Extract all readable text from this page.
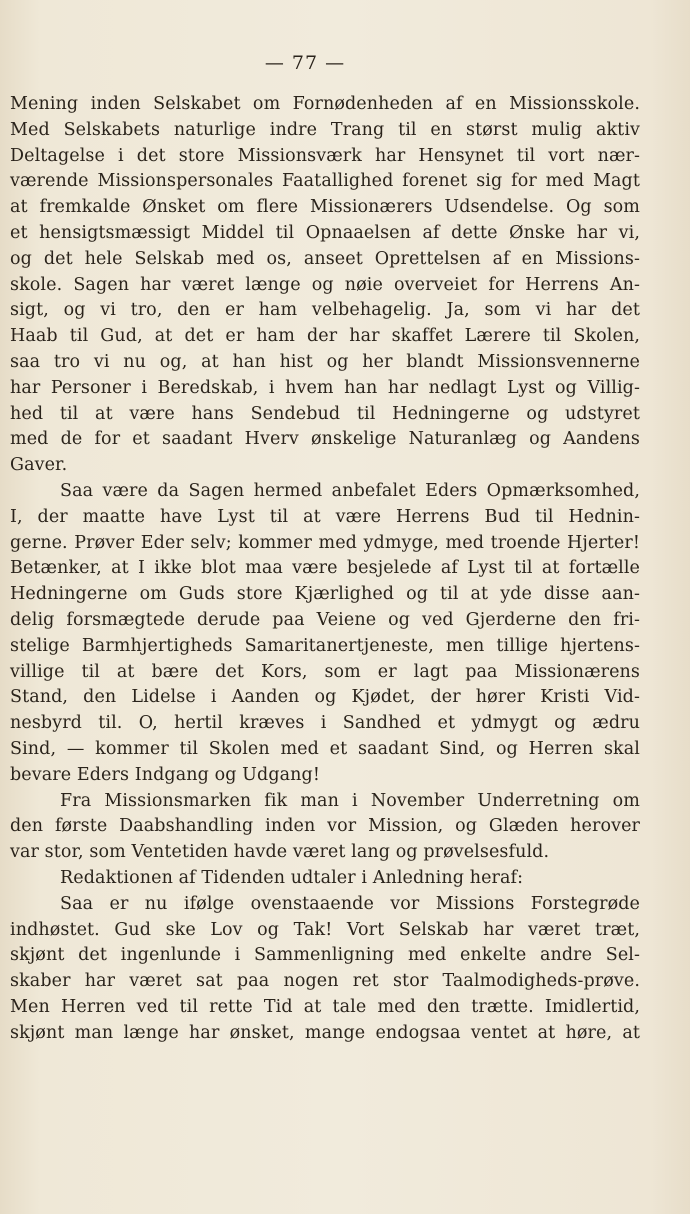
— 77 —
Mening inden Selskabet om Fornødenheden af en Missionsskole.
Med Selskabets naturlige indre Trang til en størst mulig aktiv
Deltagelse i det store Missionsværk har Hensynet til vort nær-
værende Missionspersonales Faatallighed forenet sig for med Magt
at fremkalde Ønsket om flere Missionærers Udsendelse. Og som
et hensigtsmæssigt Middel til Opnaaelsen af dette Ønske har vi,
og det hele Selskab med os, anseet Oprettelsen af en Missions-
skole. Sagen har været længe og nøie overveiet for Herrens An-
sigt, og vi tro, den er ham velbehagelig. Ja, som vi har det
Haab til Gud, at det er ham der har skaffet Lærere til Skolen,
saa tro vi nu og, at han hist og her blandt Missionsvennerne
har Personer i Beredskab, i hvem han har nedlagt Lyst og Villig-
hed til at være hans Sendebud til Hedningerne og udstyret
med de for et saadant Hverv ønskelige Naturanlæg og Aandens
Gaver.
Saa være da Sagen hermed anbefalet Eders Opmærksomhed,
I, der maatte have Lyst til at være Herrens Bud til Hednin-
gerne. Prøver Eder selv; kommer med ydmyge, med troende Hjerter!
Betænker, at I ikke blot maa være besjelede af Lyst til at fortælle
Hedningerne om Guds store Kjærlighed og til at yde disse aan-
delig forsmægtede derude paa Veiene og ved Gjerderne den fri-
stelige Barmhjertigheds Samaritanertjeneste, men tillige hjertens-
villige til at bære det Kors, som er lagt paa Missionærens
Stand, den Lidelse i Aanden og Kjødet, der hører Kristi Vid-
nesbyrd til. O, hertil kræves i Sandhed et ydmygt og ædru
Sind, — kommer til Skolen med et saadant Sind, og Herren skal
bevare Eders Indgang og Udgang!
Fra Missionsmarken fik man i November Underretning om
den første Daabshandling inden vor Mission, og Glæden herover
var stor, som Ventetiden havde været lang og prøvelsesfuld.
Redaktionen af Tidenden udtaler i Anledning heraf:
Saa er nu ifølge ovenstaaende vor Missions Forstegrøde
indhøstet. Gud ske Lov og Tak! Vort Selskab har været træt,
skjønt det ingenlunde i Sammenligning med enkelte andre Sel-
skaber har været sat paa nogen ret stor Taalmodigheds-prøve.
Men Herren ved til rette Tid at tale med den trætte. Imidlertid,
skjønt man længe har ønsket, mange endogsaa ventet at høre, at
